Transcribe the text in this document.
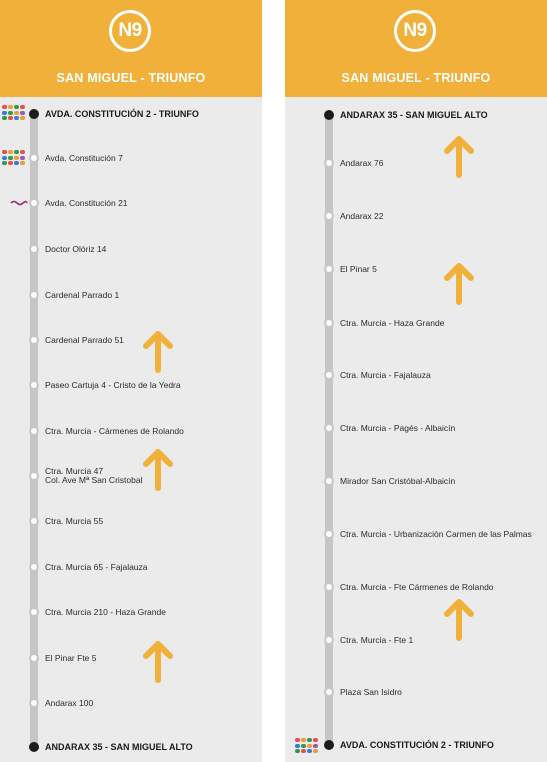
N9
SAN MIGUEL - TRIUNFO
AVDA. CONSTITUCIÓN 2 - TRIUNFO
Avda. Constitución 7
Avda. Constitución 21
Doctor Olóriz 14
Cardenal Parrado 1
Cardenal Parrado 51
Paseo Cartuja 4 - Cristo de la Yedra
Ctra. Murcia - Cármenes de Rolando
Ctra. Murcia 47
Col. Ave Mª San Cristobal
Ctra. Murcia 55
Ctra. Murcia 65 - Fajalauza
Ctra. Murcia 210 - Haza Grande
El Pinar Fte 5
Andarax 100
ANDARAX 35 - SAN MIGUEL ALTO
N9
SAN MIGUEL - TRIUNFO
ANDARAX 35 - SAN MIGUEL ALTO
Andarax 76
Andarax 22
El Pinar 5
Ctra. Murcia - Haza Grande
Ctra. Murcia - Fajalauza
Ctra. Murcia - Pagés - Albaicín
Mirador San Cristóbal-Albaicín
Ctra. Murcia - Urbanización Carmen de las Palmas
Ctra. Murcia - Fte Cármenes de Rolando
Ctra. Murcia - Fte 1
Plaza San Isidro
AVDA. CONSTITUCIÓN 2 - TRIUNFO
